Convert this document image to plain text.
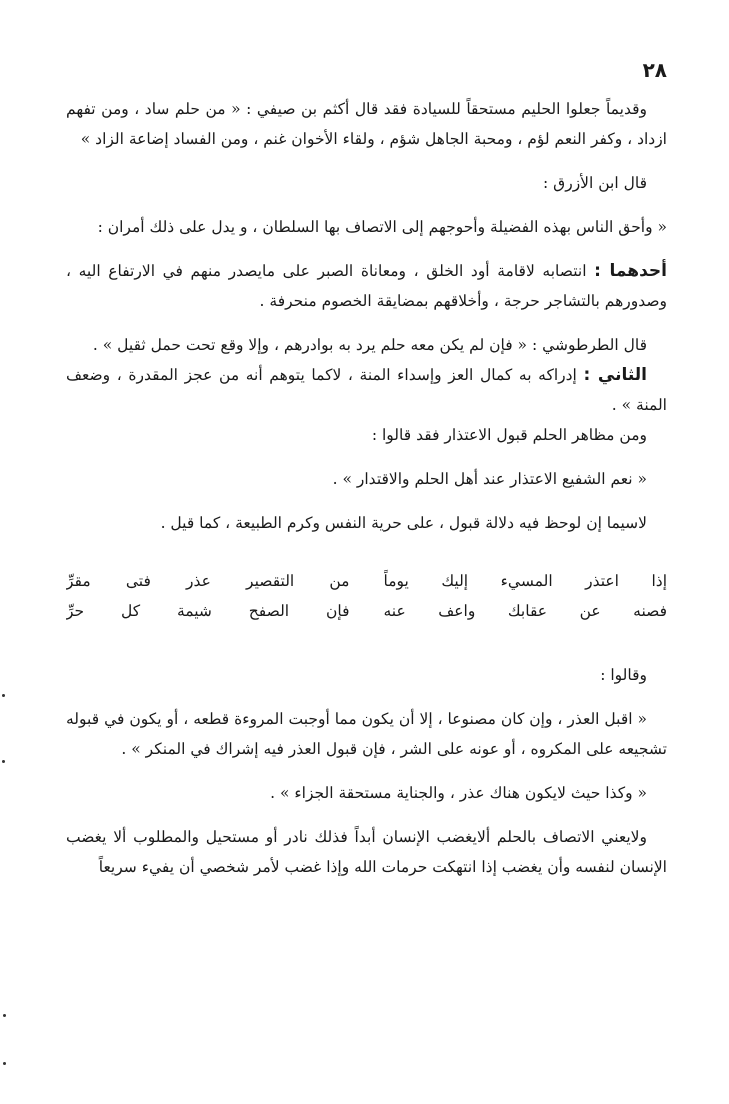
٢٨

وقديماً جعلوا الحليم مستحقاً للسيادة فقد قال أكثم بن صيفي : « من حلم ساد ، ومن تفهم ازداد ، وكفر النعم لؤم ، ومحبة الجاهل شؤم ، ولقاء الأخوان غنم ، ومن الفساد إضاعة الزاد »

قال ابن الأزرق :

« وأحق الناس بهذه الفضيلة وأحوجهم إلى الاتصاف بها السلطان ، و يدل على ذلك أمران :

أحدهما : انتصابه لاقامة أود الخلق ، ومعاناة الصبر على مايصدر منهم في الارتفاع اليه ، وصدورهم بالتشاجر حرجة ، وأخلاقهم بمضايقة الخصوم منحرفة .

قال الطرطوشي : « فإن لم يكن معه حلم يرد به بوادرهم ، وإلا وقع تحت حمل ثقيل » .

الثاني : إدراكه به كمال العز وإسداء المنة ، لاكما يتوهم أنه من عجز المقدرة ، وضعف المنة » .

ومن مظاهر الحلم قبول الاعتذار فقد قالوا :

« نعم الشفيع الاعتذار عند أهل الحلم والاقتدار » .

لاسيما إن لوحظ فيه دلالة قبول ، على حرية النفس وكرم الطبيعة ، كما قيل .

إذا اعتذر المسيء إليك يوماً
من التقصير عذر فتى مقرِّ
فصنه عن عقابك واعف عنه
فإن الصفح شيمة كل حرِّ

وقالوا :

« اقبل العذر ، وإن كان مصنوعا ، إلا أن يكون مما أوجبت المروءة قطعه ، أو يكون في قبوله تشجيعه على المكروه ، أو عونه على الشر ، فإن قبول العذر فيه إشراك في المنكر » .

« وكذا حيث لايكون هناك عذر ، والجناية مستحقة الجزاء » .

ولايعني الاتصاف بالحلم ألايغضب الإنسان أبداً فذلك نادر أو مستحيل والمطلوب ألا يغضب الإنسان لنفسه وأن يغضب إذا انتهكت حرمات الله وإذا غضب لأمر شخصي أن يفيء سريعاً
